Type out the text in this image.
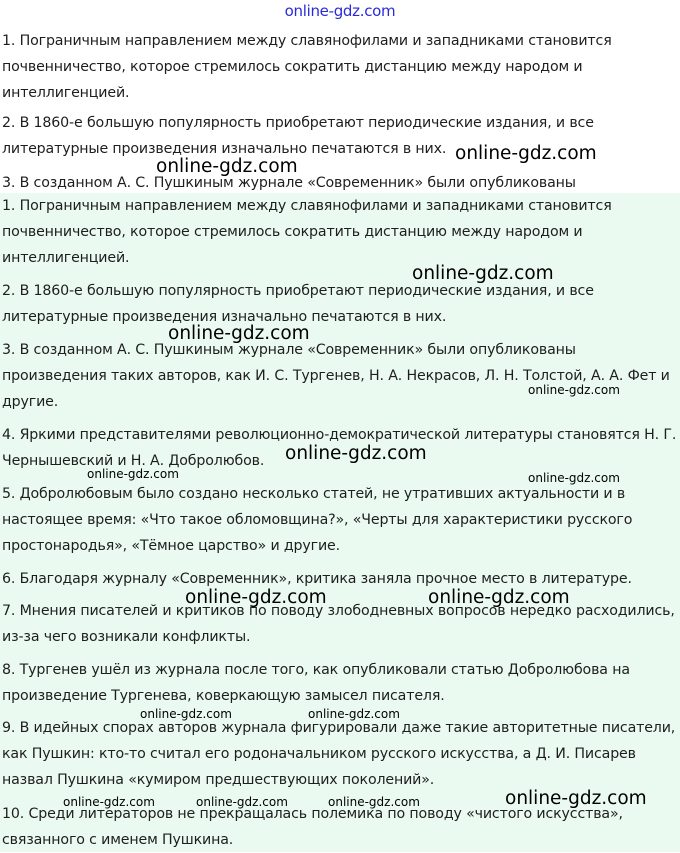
online-gdz.com
1. Пограничным направлением между славянофилами и западниками становится почвенничество, которое стремилось сократить дистанцию между народом и интеллигенцией.
2. В 1860-е большую популярность приобретают периодические издания, и все литературные произведения изначально печатаются в них.
3. В созданном А. С. Пушкиным журнале «Современник» были опубликованы
1. Пограничным направлением между славянофилами и западниками становится почвенничество, которое стремилось сократить дистанцию между народом и интеллигенцией.
2. В 1860-е большую популярность приобретают периодические издания, и все литературные произведения изначально печатаются в них.
3. В созданном А. С. Пушкиным журнале «Современник» были опубликованы произведения таких авторов, как И. С. Тургенев, Н. А. Некрасов, Л. Н. Толстой, А. А. Фет и другие.
4. Яркими представителями революционно-демократической литературы становятся Н. Г. Чернышевский и Н. А. Добролюбов.
5. Добролюбовым было создано несколько статей, не утративших актуальности и в настоящее время: «Что такое обломовщина?», «Черты для характеристики русского простонародья», «Тёмное царство» и другие.
6. Благодаря журналу «Современник», критика заняла прочное место в литературе.
7. Мнения писателей и критиков по поводу злободневных вопросов нередко расходились, из-за чего возникали конфликты.
8. Тургенев ушёл из журнала после того, как опубликовали статью Добролюбова на произведение Тургенева, коверкающую замысел писателя.
9. В идейных спорах авторов журнала фигурировали даже такие авторитетные писатели, как Пушкин: кто-то считал его родоначальником русского искусства, а Д. И. Писарев назвал Пушкина «кумиром предшествующих поколений».
10. Среди литераторов не прекращалась полемика по поводу «чистого искусства», связанного с именем Пушкина.
online-gdz.com
online-gdz.com
online-gdz.com
online-gdz.com
online-gdz.com
online-gdz.com
online-gdz.com	online-gdz.com
online-gdz.com	online-gdz.com
online-gdz.com	online-gdz.com
online-gdz.com
online-gdz.com	online-gdz.com	online-gdz.com
